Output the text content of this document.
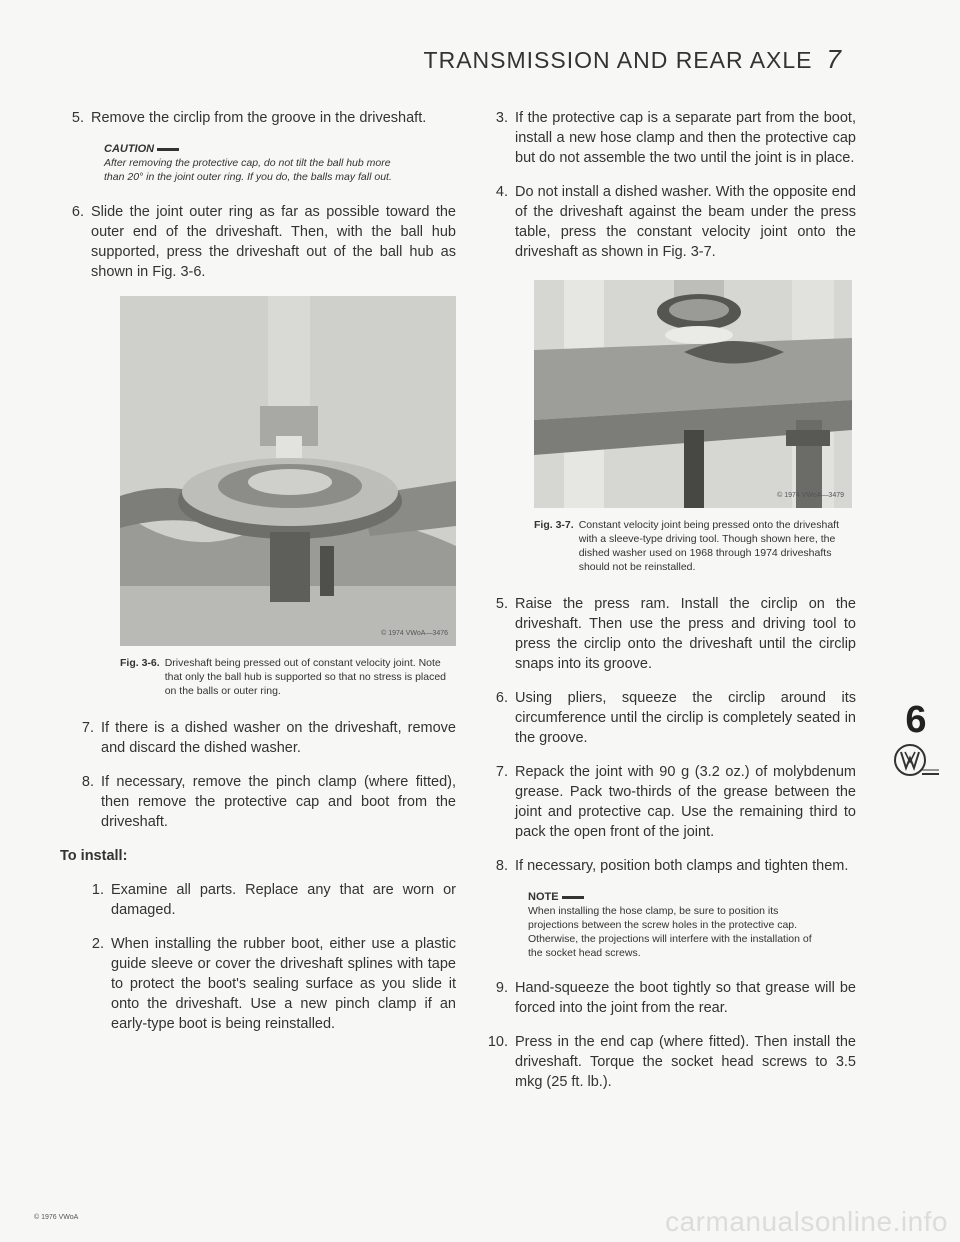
TRANSMISSION AND REAR AXLE 7
5. Remove the circlip from the groove in the driveshaft.
CAUTION
After removing the protective cap, do not tilt the ball hub more than 20° in the joint outer ring. If you do, the balls may fall out.
6. Slide the joint outer ring as far as possible toward the outer end of the driveshaft. Then, with the ball hub supported, press the driveshaft out of the ball hub as shown in Fig. 3-6.
© 1974 VWoA—3476
Fig. 3-6. Driveshaft being pressed out of constant velocity joint. Note that only the ball hub is supported so that no stress is placed on the balls or outer ring.
7. If there is a dished washer on the driveshaft, remove and discard the dished washer.
8. If necessary, remove the pinch clamp (where fitted), then remove the protective cap and boot from the driveshaft.
To install:
1. Examine all parts. Replace any that are worn or damaged.
2. When installing the rubber boot, either use a plastic guide sleeve or cover the driveshaft splines with tape to protect the boot's sealing surface as you slide it onto the driveshaft. Use a new pinch clamp if an early-type boot is being reinstalled.
3. If the protective cap is a separate part from the boot, install a new hose clamp and then the protective cap but do not assemble the two until the joint is in place.
4. Do not install a dished washer. With the opposite end of the driveshaft against the beam under the press table, press the constant velocity joint onto the driveshaft as shown in Fig. 3-7.
© 1974 VWoA—3479
Fig. 3-7. Constant velocity joint being pressed onto the driveshaft with a sleeve-type driving tool. Though shown here, the dished washer used on 1968 through 1974 driveshafts should not be reinstalled.
5. Raise the press ram. Install the circlip on the driveshaft. Then use the press and driving tool to press the circlip onto the driveshaft until the circlip snaps into its groove.
6. Using pliers, squeeze the circlip around its circumference until the circlip is completely seated in the groove.
7. Repack the joint with 90 g (3.2 oz.) of molybdenum grease. Pack two-thirds of the grease between the joint and protective cap. Use the remaining third to pack the open front of the joint.
8. If necessary, position both clamps and tighten them.
NOTE
When installing the hose clamp, be sure to position its projections between the screw holes in the protective cap. Otherwise, the projections will interfere with the installation of the socket head screws.
9. Hand-squeeze the boot tightly so that grease will be forced into the joint from the rear.
10. Press in the end cap (where fitted). Then install the driveshaft. Torque the socket head screws to 3.5 mkg (25 ft. lb.).
6
© 1976 VWoA	carmanualsonline.info
